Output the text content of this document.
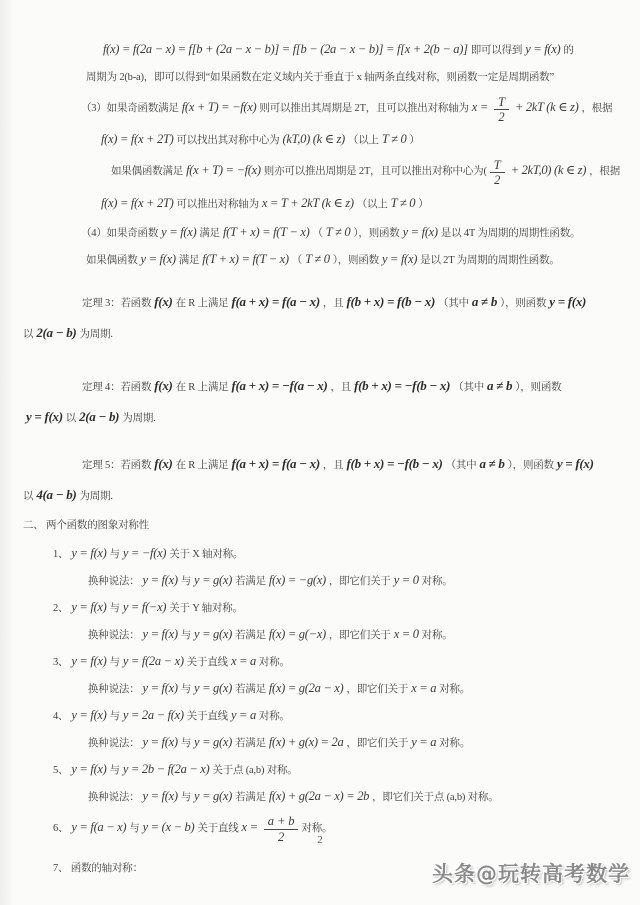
f(x) = f(2a − x) = f[b + (2a − x − b)] = f[b − (2a − x − b)] = f[x + 2(b − a)] 即可以得到 y = f(x) 的
周期为 2(b-a)，即可以得到“如果函数在定义域内关于垂直于 x 轴两条直线对称，则函数一定是周期函数”
（3）如果奇函数满足 f(x + T) = −f(x) 则可以推出其周期是 2T，且可以推出对称轴为 $x = \frac{T}{2} + 2kT$ (k ∈ z) ，根据
f(x) = f(x + 2T) 可以找出其对称中心为 (kT,0) (k ∈ z) （以上 T ≠ 0 ）
如果偶函数满足 f(x + T) = −f(x) 则亦可以推出周期是 2T，且可以推出对称中心为( $\frac{T}{2} + 2kT,0$) (k ∈ z) ，根据
f(x) = f(x + 2T) 可以推出对称轴为 x = T + 2kT (k ∈ z) （以上 T ≠ 0 ）
（4）如果奇函数 y = f(x) 满足 f(T + x) = f(T − x) （ T ≠ 0 ），则函数 y = f(x) 是以 4T 为周期的周期性函数。
如果偶函数 y = f(x) 满足 f(T + x) = f(T − x) （ T ≠ 0 ），则函数 y = f(x) 是以 2T 为周期的周期性函数。
定理 3：若函数 f(x) 在 R 上满足 f(a + x) = f(a − x) ，且 f(b + x) = f(b − x) （其中 a ≠ b ），则函数 y = f(x)
以 2(a − b) 为周期.
定理 4：若函数 f(x) 在 R 上满足 f(a + x) = −f(a − x) ，且 f(b + x) = −f(b − x) （其中 a ≠ b ），则函数
y = f(x) 以 2(a − b) 为周期.
定理 5：若函数 f(x) 在 R 上满足 f(a + x) = f(a − x) ，且 f(b + x) = −f(b − x) （其中 a ≠ b ），则函数 y = f(x)
以 4(a − b) 为周期.
二、 两个函数的图象对称性
1、 y = f(x) 与 y = −f(x) 关于 X 轴对称。
换种说法： y = f(x) 与 y = g(x) 若满足 f(x) = −g(x) ，即它们关于 y = 0 对称。
2、 y = f(x) 与 y = f(−x) 关于 Y 轴对称。
换种说法： y = f(x) 与 y = g(x) 若满足 f(x) = g(−x) ，即它们关于 x = 0 对称。
3、 y = f(x) 与 y = f(2a − x) 关于直线 x = a 对称。
换种说法： y = f(x) 与 y = g(x) 若满足 f(x) = g(2a − x) ，即它们关于 x = a 对称。
4、 y = f(x) 与 y = 2a − f(x) 关于直线 y = a 对称。
换种说法： y = f(x) 与 y = g(x) 若满足 f(x) + g(x) = 2a ，即它们关于 y = a 对称。
5、 y = f(x) 与 y = 2b − f(2a − x) 关于点 (a,b) 对称。
换种说法： y = f(x) 与 y = g(x) 若满足 f(x) + g(2a − x) = 2b ，即它们关于点 (a,b) 对称。
6、 y = f(a − x) 与 y = (x − b) 关于直线 $x = \frac{a + b}{2}$ 对称。
7、 函数的轴对称：
2
头条@玩转高考数学
